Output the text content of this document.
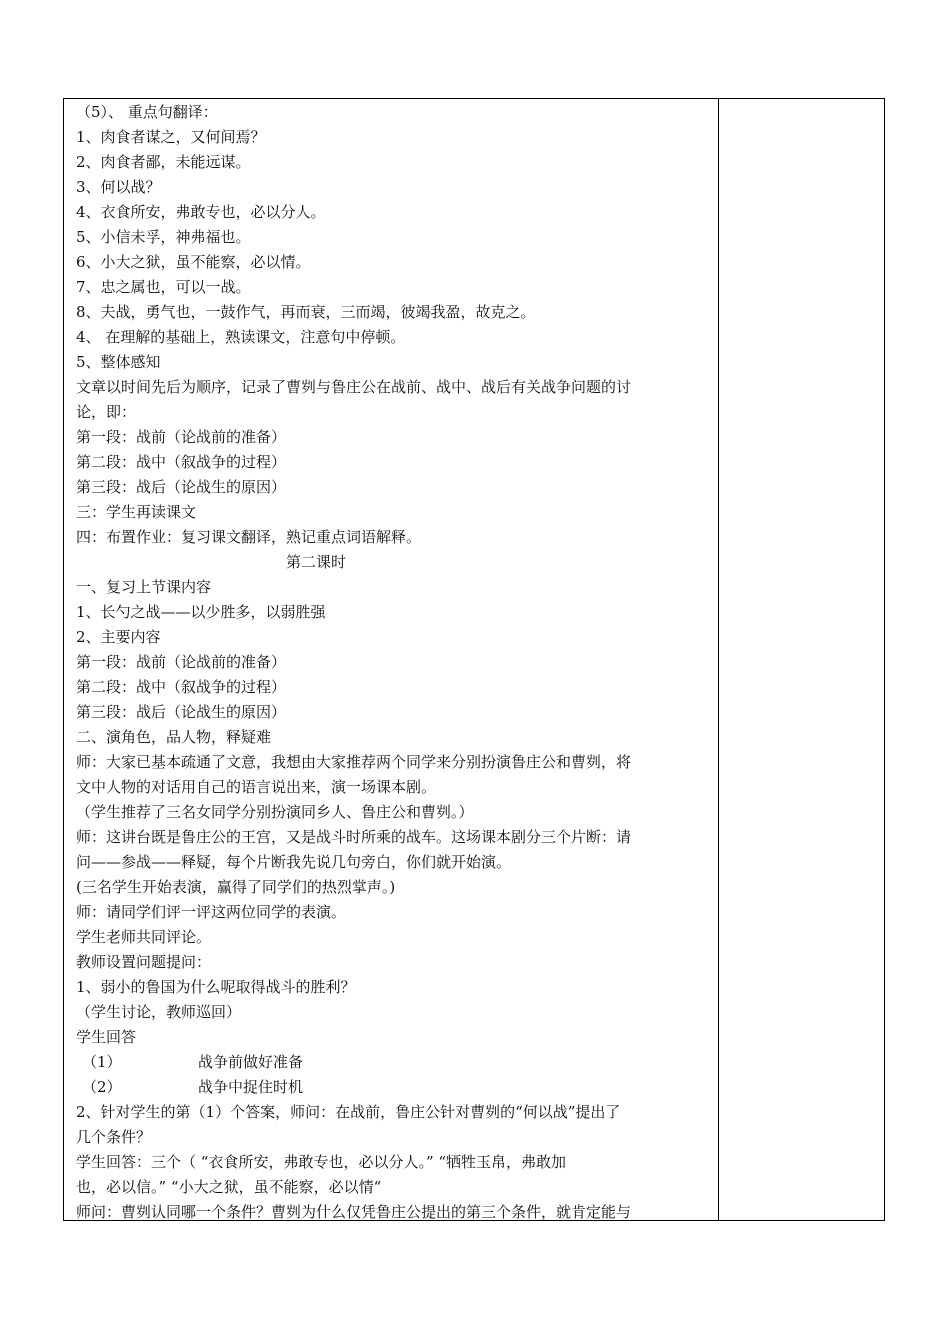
（5）、 重点句翻译：
1、肉食者谋之，又何间焉？
2、肉食者鄙，未能远谋。
3、何以战？
4、衣食所安，弗敢专也，必以分人。
5、小信未孚，神弗福也。
6、小大之狱，虽不能察，必以情。
7、忠之属也，可以一战。
8、夫战，勇气也，一鼓作气，再而衰，三而竭，彼竭我盈，故克之。
4、 在理解的基础上，熟读课文，注意句中停顿。
5、整体感知
文章以时间先后为顺序，记录了曹刿与鲁庄公在战前、战中、战后有关战争问题的讨
论，即：
第一段：战前（论战前的准备）
第二段：战中（叙战争的过程）
第三段：战后（论战生的原因）
三：学生再读课文
四：布置作业：复习课文翻译，熟记重点词语解释。
第二课时
一、复习上节课内容
1、长勺之战——以少胜多，以弱胜强
2、主要内容
第一段：战前（论战前的准备）
第二段：战中（叙战争的过程）
第三段：战后（论战生的原因）
二、演角色，品人物，释疑难
师：大家已基本疏通了文意，我想由大家推荐两个同学来分别扮演鲁庄公和曹刿，将
文中人物的对话用自己的语言说出来，演一场课本剧。
（学生推荐了三名女同学分别扮演同乡人、鲁庄公和曹刿。）
师：这讲台既是鲁庄公的王宫，又是战斗时所乘的战车。这场课本剧分三个片断：请
问——参战——释疑，每个片断我先说几句旁白，你们就开始演。
(三名学生开始表演，赢得了同学们的热烈掌声。)
师：请同学们评一评这两位同学的表演。
学生老师共同评论。
教师设置问题提问：
1、弱小的鲁国为什么呢取得战斗的胜利？
（学生讨论，教师巡回）
学生回答
（1）	战争前做好准备
（2）	战争中捉住时机
2、针对学生的第（1）个答案，师问：在战前，鲁庄公针对曹刿的“何以战”提出了
几个条件？
学生回答：三个（ “衣食所安，弗敢专也，必以分人。” “牺牲玉帛，弗敢加
也，必以信。” “小大之狱，虽不能察，必以情“
师问：曹刿认同哪一个条件？曹刿为什么仅凭鲁庄公提出的第三个条件，就肯定能与
